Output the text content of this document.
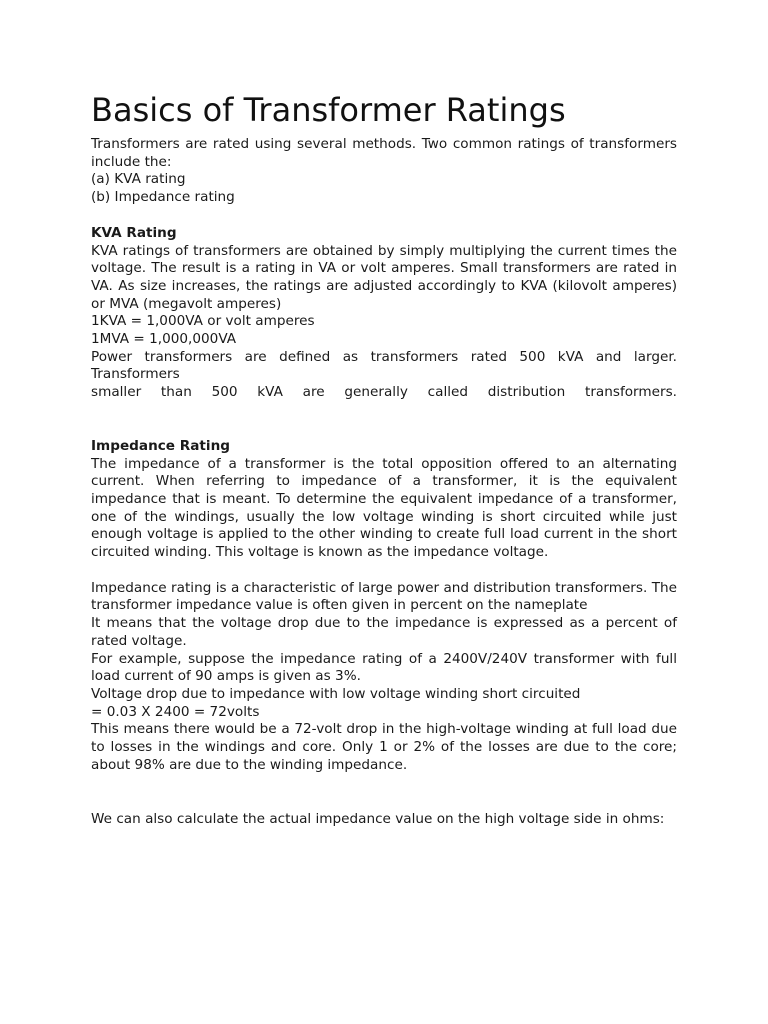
Basics of Transformer Ratings

Transformers are rated using several methods. Two common ratings of transformers include the:

(a) KVA rating

(b) Impedance rating

KVA Rating

KVA ratings of transformers are obtained by simply multiplying the current times the voltage. The result is a rating in VA or volt amperes. Small transformers are rated in VA. As size increases, the ratings are adjusted accordingly to KVA (kilovolt amperes) or MVA (megavolt amperes)

1KVA = 1,000VA or volt amperes

1MVA = 1,000,000VA

Power transformers are defined as transformers rated 500 kVA and larger. Transformers

smaller than 500 kVA are generally called distribution transformers.

Impedance Rating

The impedance of a transformer is the total opposition offered to an alternating current. When referring to impedance of a transformer, it is the equivalent impedance that is meant. To determine the equivalent impedance of a transformer, one of the windings, usually the low voltage winding is short circuited while just enough voltage is applied to the other winding to create full load current in the short circuited winding. This voltage is known as the impedance voltage.

Impedance rating is a characteristic of large power and distribution transformers. The transformer impedance value is often given in percent on the nameplate

It means that the voltage drop due to the impedance is expressed as a percent of rated voltage.

For example, suppose the impedance rating of a 2400V/240V transformer with full load current of 90 amps is given as 3%.

Voltage drop due to impedance with low voltage winding short circuited

= 0.03 X 2400 = 72volts

This means there would be a 72-volt drop in the high-voltage winding at full load due to losses in the windings and core. Only 1 or 2% of the losses are due to the core; about 98% are due to the winding impedance.

We can also calculate the actual impedance value on the high voltage side in ohms:
